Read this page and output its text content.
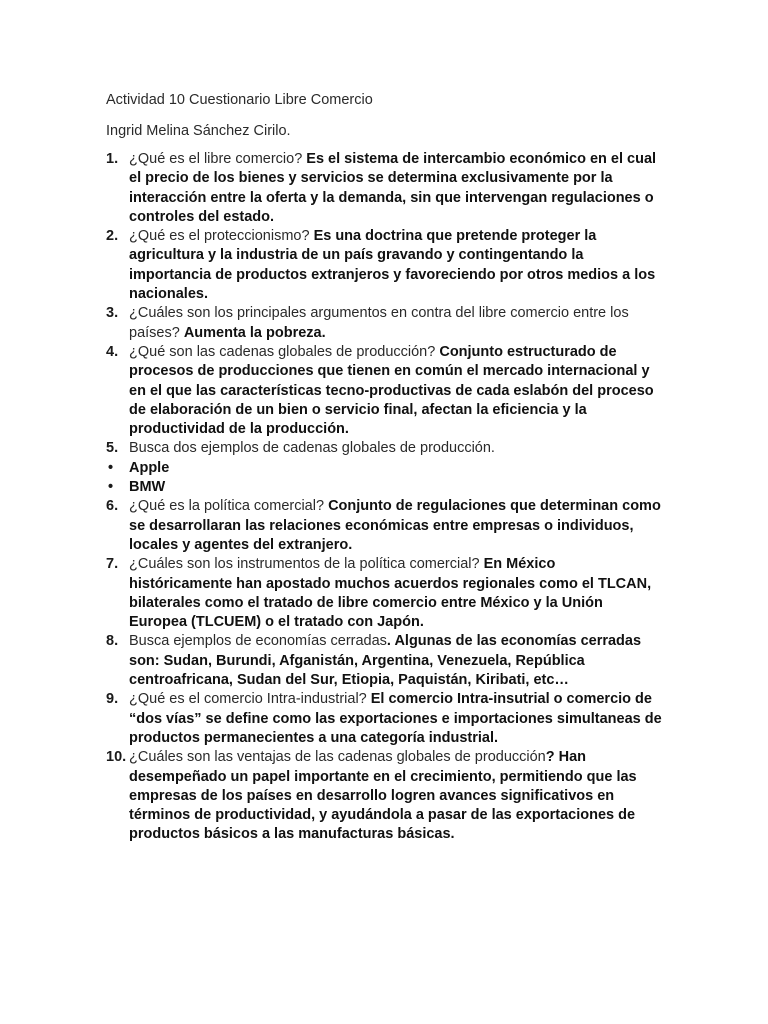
Actividad 10 Cuestionario Libre Comercio

Ingrid Melina Sánchez Cirilo.

1. ¿Qué es el libre comercio? Es el sistema de intercambio económico en el cual el precio de los bienes y servicios se determina exclusivamente por la interacción entre la oferta y la demanda, sin que intervengan regulaciones o controles del estado.
2. ¿Qué es el proteccionismo? Es una doctrina que pretende proteger la agricultura y la industria de un país gravando y contingentando la importancia de productos extranjeros y favoreciendo por otros medios a los nacionales.
3. ¿Cuáles son los principales argumentos en contra del libre comercio entre los países? Aumenta la pobreza.
4. ¿Qué son las cadenas globales de producción? Conjunto estructurado de procesos de producciones que tienen en común el mercado internacional y en el que las características tecno-productivas de cada eslabón del proceso de elaboración de un bien o servicio final, afectan la eficiencia y la productividad de la producción.
5. Busca dos ejemplos de cadenas globales de producción.
• Apple
• BMW
6. ¿Qué es la política comercial? Conjunto de regulaciones que determinan como se desarrollaran las relaciones económicas entre empresas o individuos, locales y agentes del extranjero.
7. ¿Cuáles son los instrumentos de la política comercial? En México históricamente han apostado muchos acuerdos regionales como el TLCAN, bilaterales como el tratado de libre comercio entre México y la Unión Europea (TLCUEM) o el tratado con Japón.
8. Busca ejemplos de economías cerradas. Algunas de las economías cerradas son: Sudan, Burundi, Afganistán, Argentina, Venezuela, República centroafricana, Sudan del Sur, Etiopia, Paquistán, Kiribati, etc…
9. ¿Qué es el comercio Intra-industrial? El comercio Intra-insutrial o comercio de “dos vías” se define como las exportaciones e importaciones simultaneas de productos permanecientes a una categoría industrial.
10. ¿Cuáles son las ventajas de las cadenas globales de producción? Han desempeñado un papel importante en el crecimiento, permitiendo que las empresas de los países en desarrollo logren avances significativos en términos de productividad, y ayudándola a pasar de las exportaciones de productos básicos a las manufacturas básicas.
